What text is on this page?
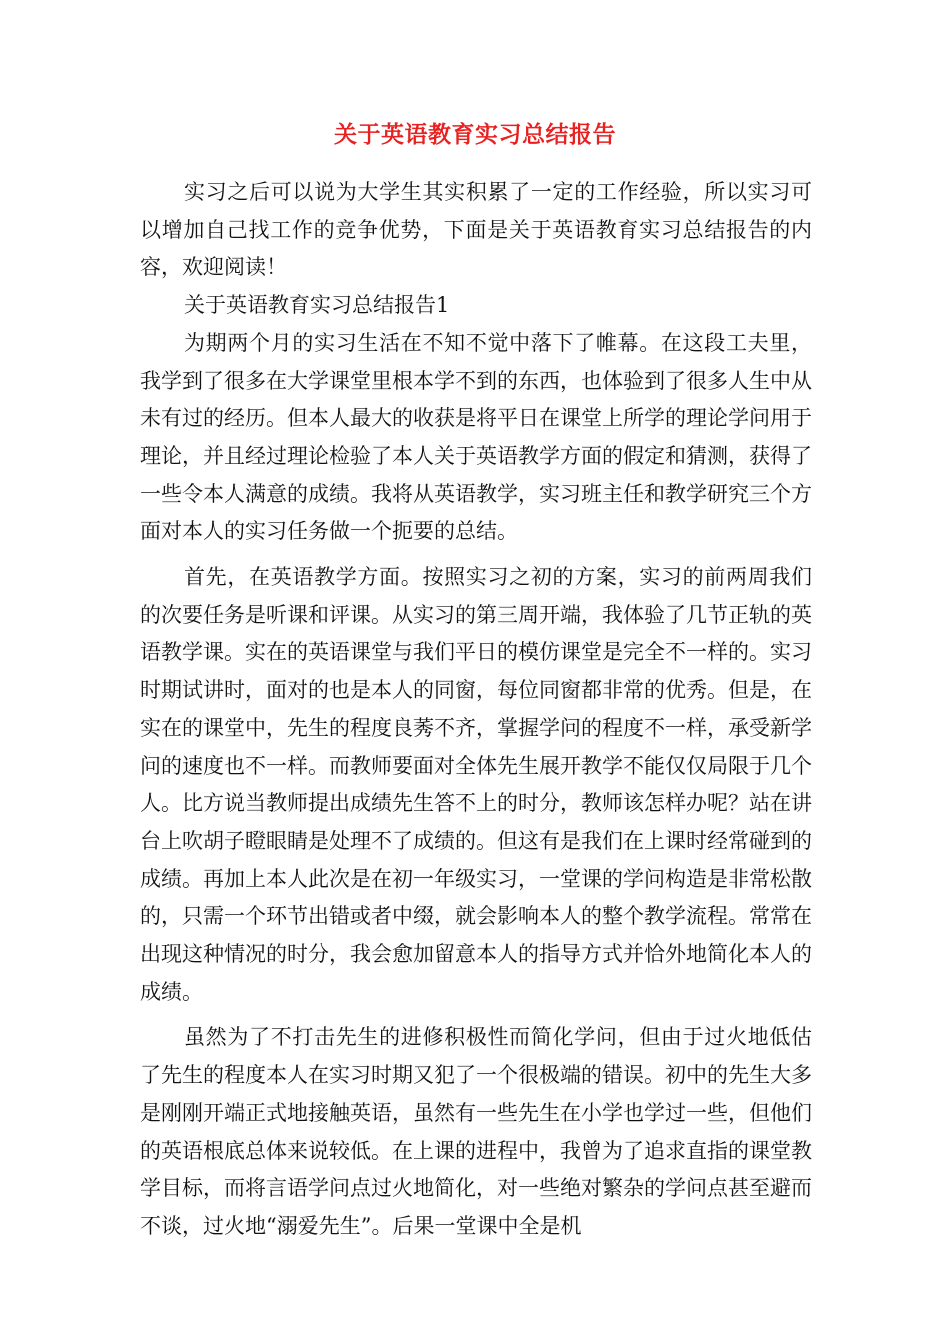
关于英语教育实习总结报告

实习之后可以说为大学生其实积累了一定的工作经验，所以实习可以增加自己找工作的竞争优势，下面是关于英语教育实习总结报告的内容，欢迎阅读！

关于英语教育实习总结报告1

为期两个月的实习生活在不知不觉中落下了帷幕。在这段工夫里，我学到了很多在大学课堂里根本学不到的东西，也体验到了很多人生中从未有过的经历。但本人最大的收获是将平日在课堂上所学的理论学问用于理论，并且经过理论检验了本人关于英语教学方面的假定和猜测，获得了一些令本人满意的成绩。我将从英语教学，实习班主任和教学研究三个方面对本人的实习任务做一个扼要的总结。

首先，在英语教学方面。按照实习之初的方案，实习的前两周我们的次要任务是听课和评课。从实习的第三周开端，我体验了几节正轨的英语教学课。实在的英语课堂与我们平日的模仿课堂是完全不一样的。实习时期试讲时，面对的也是本人的同窗，每位同窗都非常的优秀。但是，在实在的课堂中，先生的程度良莠不齐，掌握学问的程度不一样，承受新学问的速度也不一样。而教师要面对全体先生展开教学不能仅仅局限于几个人。比方说当教师提出成绩先生答不上的时分，教师该怎样办呢？站在讲台上吹胡子瞪眼睛是处理不了成绩的。但这有是我们在上课时经常碰到的成绩。再加上本人此次是在初一年级实习，一堂课的学问构造是非常松散的，只需一个环节出错或者中缀，就会影响本人的整个教学流程。常常在出现这种情况的时分，我会愈加留意本人的指导方式并恰外地简化本人的成绩。

虽然为了不打击先生的进修积极性而简化学问，但由于过火地低估了先生的程度本人在实习时期又犯了一个很极端的错误。初中的先生大多是刚刚开端正式地接触英语，虽然有一些先生在小学也学过一些，但他们的英语根底总体来说较低。在上课的进程中，我曾为了追求直指的课堂教学目标，而将言语学问点过火地简化，对一些绝对繁杂的学问点甚至避而不谈，过火地“溺爱先生”。后果一堂课中全是机
